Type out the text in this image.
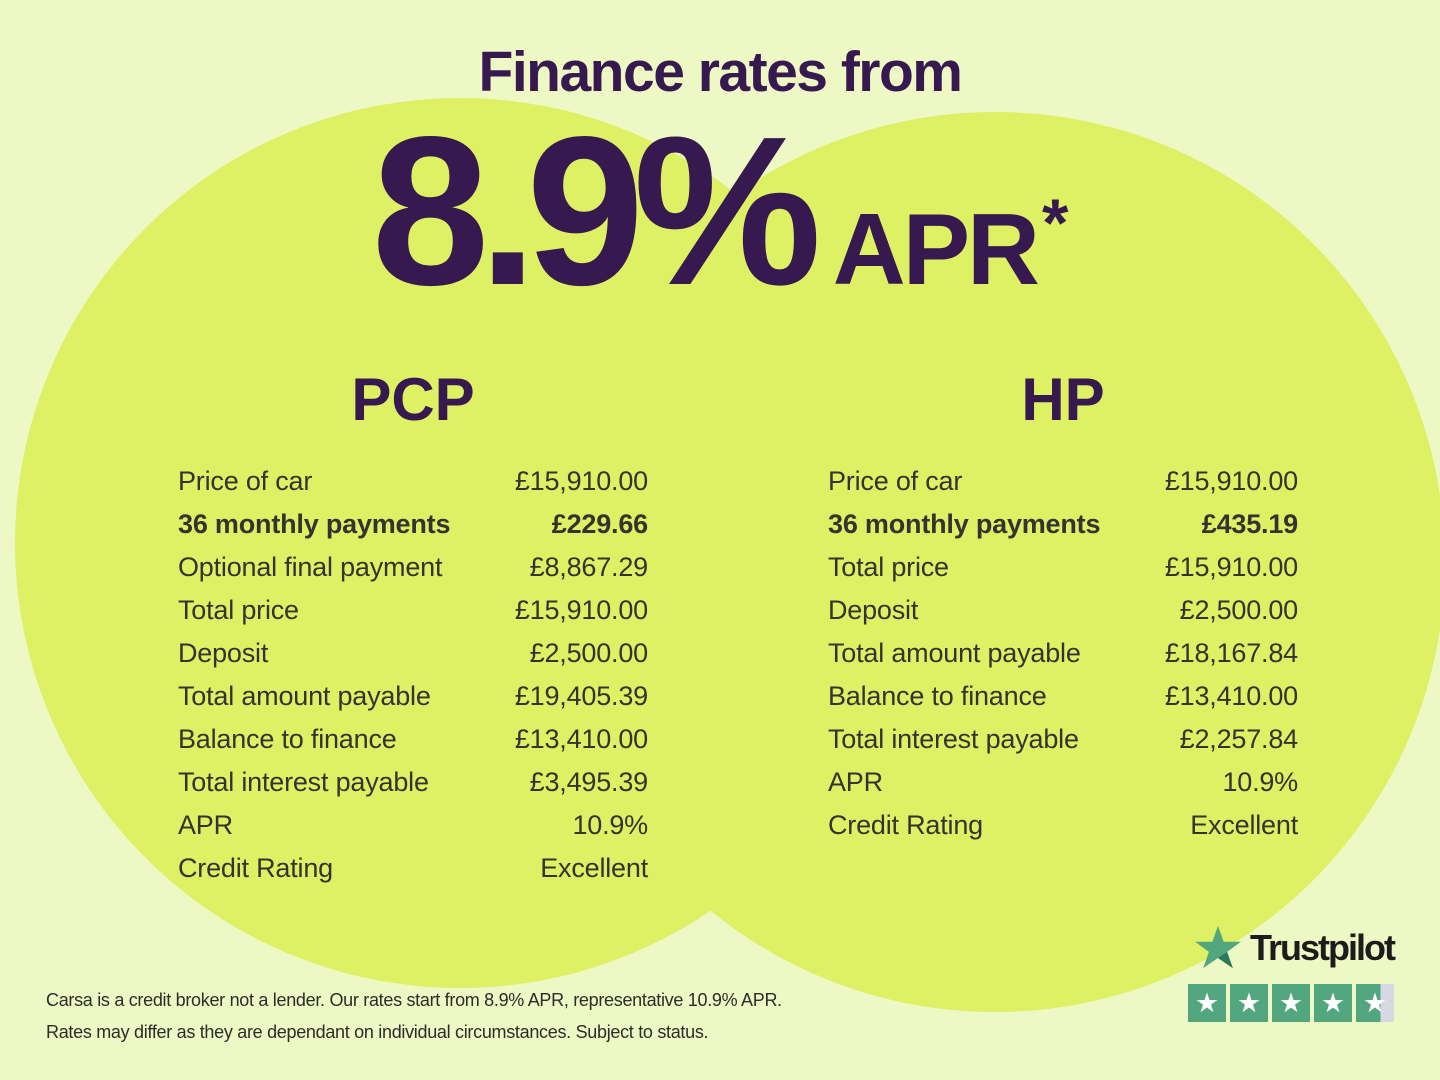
Finance rates from
8.9% APR *
PCP
Price of car	£15,910.00
36 monthly payments	£229.66
Optional final payment	£8,867.29
Total price	£15,910.00
Deposit	£2,500.00
Total amount payable	£19,405.39
Balance to finance	£13,410.00
Total interest payable	£3,495.39
APR	10.9%
Credit Rating	Excellent
HP
Price of car	£15,910.00
36 monthly payments	£435.19
Total price	£15,910.00
Deposit	£2,500.00
Total amount payable	£18,167.84
Balance to finance	£13,410.00
Total interest payable	£2,257.84
APR	10.9%
Credit Rating	Excellent
Trustpilot
★ ★ ★ ★ ★
Carsa is a credit broker not a lender. Our rates start from 8.9% APR, representative 10.9% APR.
Rates may differ as they are dependant on individual circumstances. Subject to status.
